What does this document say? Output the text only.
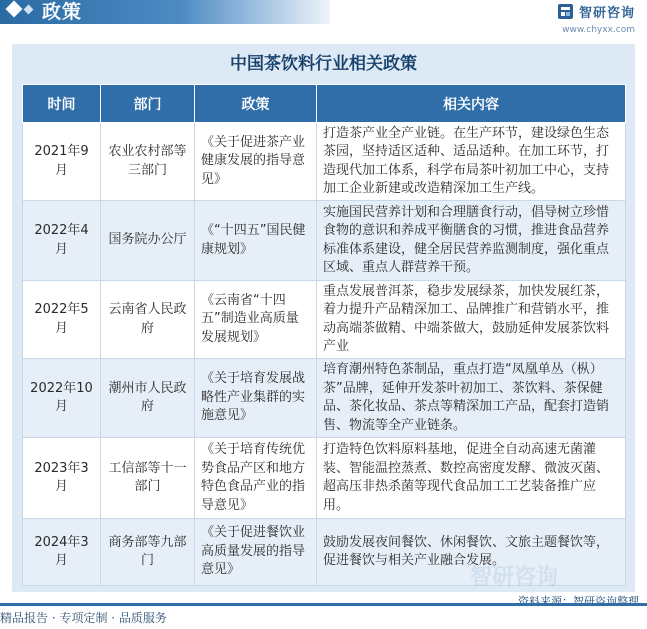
政策	智研咨询
www.chyxx.com
中国茶饮料行业相关政策
时间	部门	政策	相关内容
2021年9月	农业农村部等三部门	《关于促进茶产业健康发展的指导意见》	打造茶产业全产业链。在生产环节，建设绿色生态茶园，坚持适区适种、适品适种。在加工环节，打造现代加工体系，科学布局茶叶初加工中心，支持加工企业新建或改造精深加工生产线。
2022年4月	国务院办公厅	《“十四五”国民健康规划》	实施国民营养计划和合理膳食行动，倡导树立珍惜食物的意识和养成平衡膳食的习惯，推进食品营养标准体系建设，健全居民营养监测制度，强化重点区域、重点人群营养干预。
2022年5月	云南省人民政府	《云南省“十四五”制造业高质量发展规划》	重点发展普洱茶，稳步发展绿茶，加快发展红茶，着力提升产品精深加工、品牌推广和营销水平，推动高端茶做精、中端茶做大，鼓励延伸发展茶饮料产业
2022年10月	潮州市人民政府	《关于培育发展战略性产业集群的实施意见》	培育潮州特色茶制品，重点打造“凤凰单丛（枞）茶”品牌，延伸开发茶叶初加工、茶饮料、茶保健品、茶化妆品、茶点等精深加工产品，配套打造销售、物流等全产业链条。
2023年3月	工信部等十一部门	《关于培育传统优势食品产区和地方特色食品产业的指导意见》	打造特色饮料原料基地，促进全自动高速无菌灌装、智能温控蒸煮、数控高密度发酵、微波灭菌、超高压非热杀菌等现代食品加工工艺装备推广应用。
2024年3月	商务部等九部门	《关于促进餐饮业高质量发展的指导意见》	鼓励发展夜间餐饮、休闲餐饮、文旅主题餐饮等，促进餐饮与相关产业融合发展。
资料来源：智研咨询整理
精品报告 · 专项定制 · 品质服务
